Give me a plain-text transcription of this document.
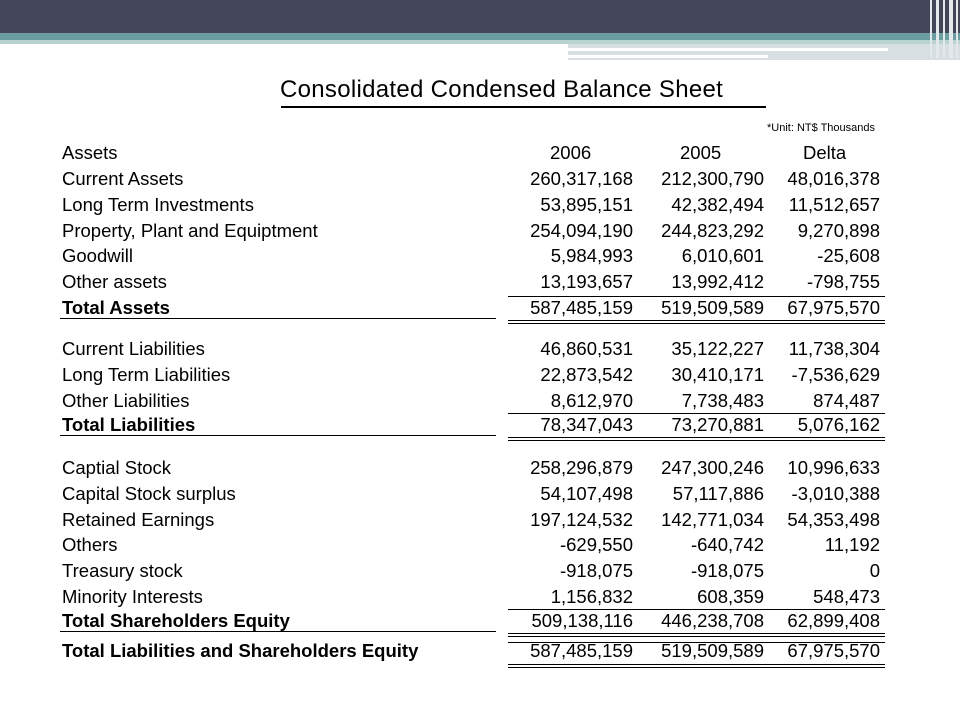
Consolidated Condensed Balance Sheet
*Unit: NT$ Thousands
Assets	2006	2005	Delta
Current Assets	260,317,168 212,300,790 48,016,378
Long Term Investments	53,895,151 42,382,494 11,512,657
Property, Plant and Equiptment	254,094,190 244,823,292 9,270,898
Goodwill	5,984,993	6,010,601	-25,608
Other assets	13,193,657 13,992,412 -798,755
Total Assets	587,485,159 519,509,589 67,975,570
Current Liabilities	46,860,531 35,122,227 11,738,304
Long Term Liabilities	22,873,542 30,410,171 -7,536,629
Other Liabilities	8,612,970	7,738,483	874,487
Total Liabilities	78,347,043 73,270,881 5,076,162
Captial Stock	258,296,879 247,300,246 10,996,633
Capital Stock surplus	54,107,498 57,117,886 -3,010,388
Retained Earnings	197,124,532 142,771,034 54,353,498
Others	-629,550	-640,742	11,192
Treasury stock	-918,075	-918,075	0
Minority Interests	1,156,832	608,359	548,473
Total Shareholders Equity	509,138,116 446,238,708 62,899,408
Total Liabilities and Shareholders Equity	587,485,159 519,509,589 67,975,570
